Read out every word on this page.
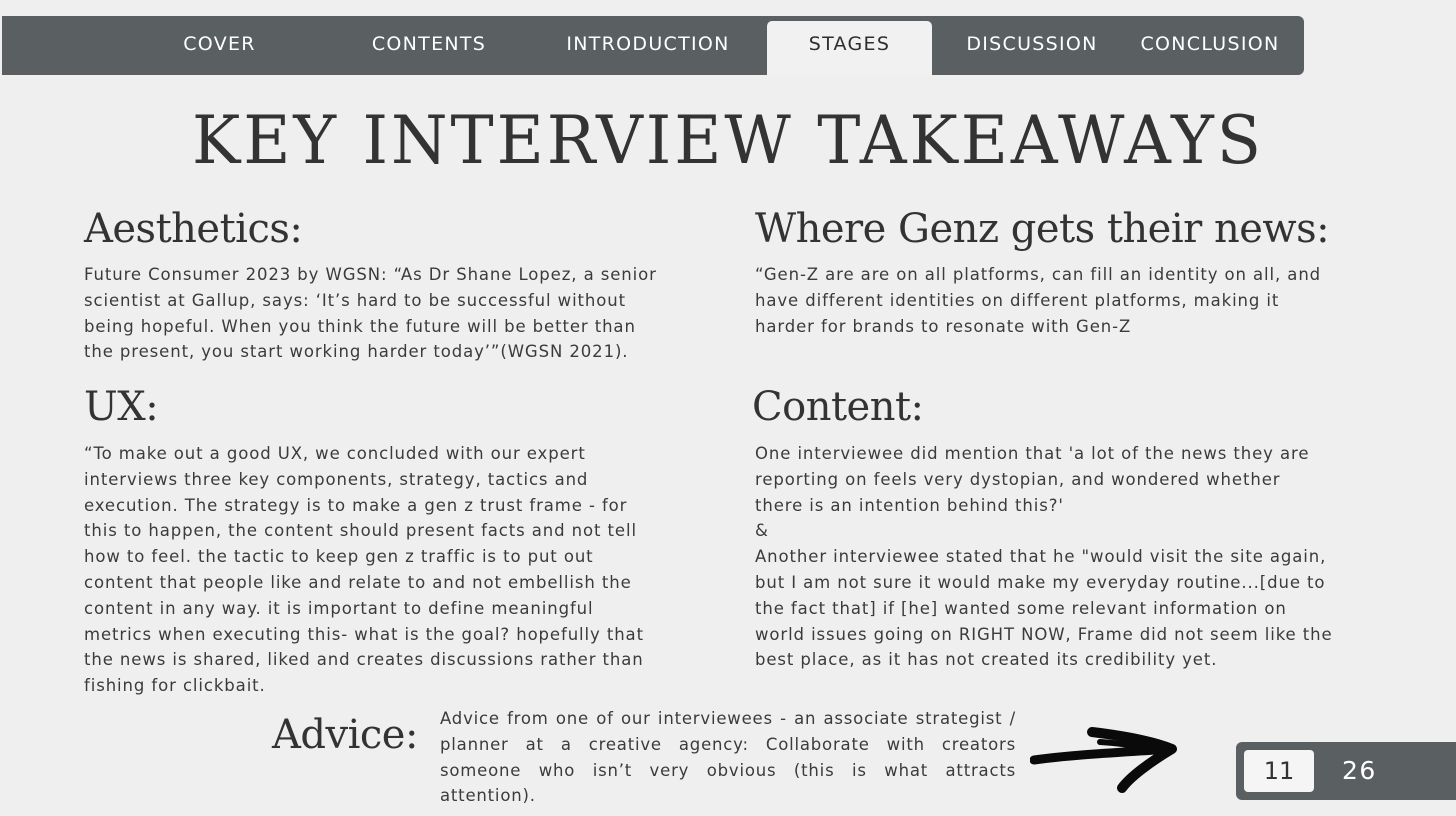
COVER	CONTENTS	INTRODUCTION	STAGES	DISCUSSION	CONCLUSION
KEY INTERVIEW TAKEAWAYS
Aesthetics:

Future Consumer 2023 by WGSN: “As Dr Shane Lopez, a senior
scientist at Gallup, says: ‘It’s hard to be successful without
being hopeful. When you think the future will be better than
the present, you start working harder today’”(WGSN 2021).

Where Genz gets their news:

“Gen-Z are are on all platforms, can fill an identity on all, and
have different identities on different platforms, making it
harder for brands to resonate with Gen-Z

UX:

“To make out a good UX, we concluded with our expert
interviews three key components, strategy, tactics and
execution. The strategy is to make a gen z trust frame - for
this to happen, the content should present facts and not tell
how to feel. the tactic to keep gen z traffic is to put out
content that people like and relate to and not embellish the
content in any way. it is important to define meaningful
metrics when executing this- what is the goal? hopefully that
the news is shared, liked and creates discussions rather than
fishing for clickbait.

Content:

One interviewee did mention that 'a lot of the news they are
reporting on feels very dystopian, and wondered whether
there is an intention behind this?'
&
Another interviewee stated that he "would visit the site again,
but I am not sure it would make my everyday routine...[due to
the fact that] if [he] wanted some relevant information on
world issues going on RIGHT NOW, Frame did not seem like the
best place, as it has not created its credibility yet.

Advice: Advice from one of our interviewees - an associate strategist / planner at a creative agency: Collaborate with creators someone who isn’t very obvious (this is what attracts attention).

11	26
